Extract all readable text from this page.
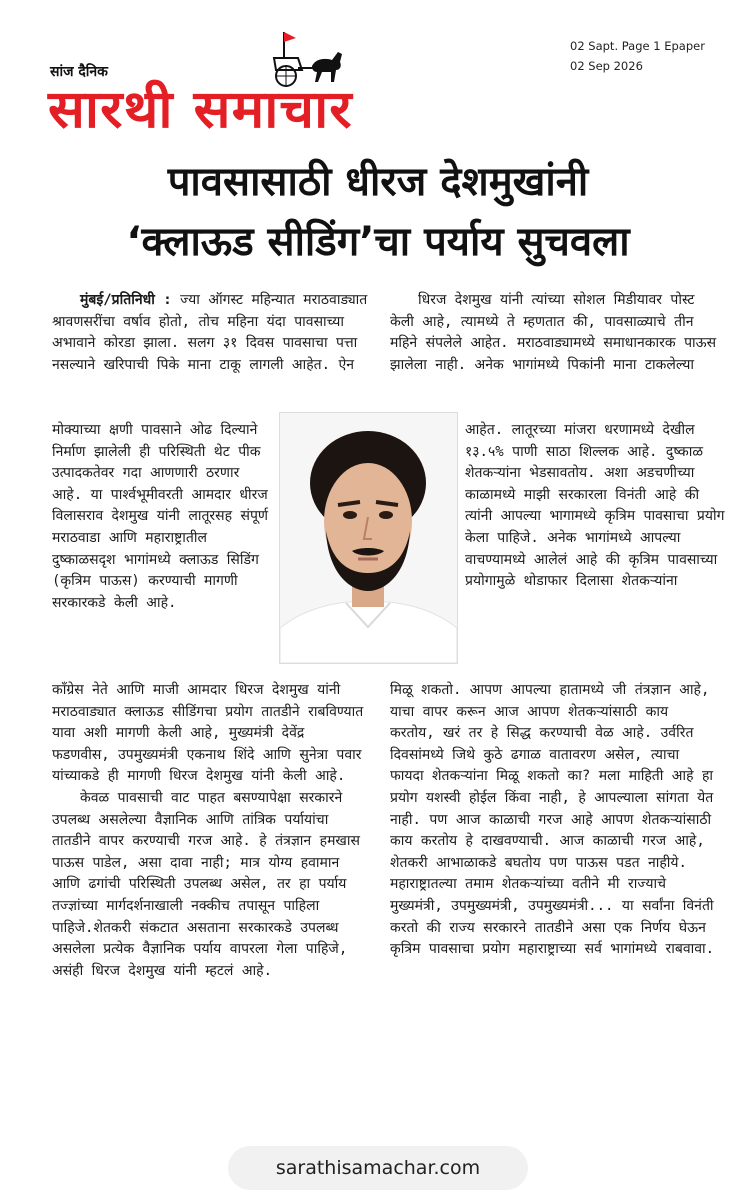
सांज दैनिक
सारथी समाचार
02 Sapt. Page 1 Epaper
02 Sep 2026
पावसासाठी धीरज देशमुखांनी
‘क्लाऊड सीडिंग’चा पर्याय सुचवला

मुंबई/प्रतिनिधी : ज्या ऑगस्ट महिन्यात मराठवाड्यात श्रावणसरींचा वर्षाव होतो, तोच महिना यंदा पावसाच्या अभावाने कोरडा झाला. सलग ३१ दिवस पावसाचा पत्ता नसल्याने खरिपाची पिके माना टाकू लागली आहेत. ऐन

मोक्याच्या क्षणी पावसाने ओढ दिल्याने निर्माण झालेली ही परिस्थिती थेट पीक उत्पादकतेवर गदा आणणारी ठरणार आहे. या पार्श्वभूमीवरती आमदार धीरज विलासराव देशमुख यांनी लातूरसह संपूर्ण मराठवाडा आणि महाराष्ट्रातील दुष्काळसदृश भागांमध्ये क्लाऊड सिडिंग (कृत्रिम पाऊस) करण्याची मागणी सरकारकडे केली आहे.

काँग्रेस नेते आणि माजी आमदार धिरज देशमुख यांनी मराठवाड्यात क्लाऊड सीडिंगचा प्रयोग तातडीने राबविण्यात यावा अशी मागणी केली आहे, मुख्यमंत्री देवेंद्र फडणवीस, उपमुख्यमंत्री एकनाथ शिंदे आणि सुनेत्रा पवार यांच्याकडे ही मागणी धिरज देशमुख यांनी केली आहे.

केवळ पावसाची वाट पाहत बसण्यापेक्षा सरकारने उपलब्ध असलेल्या वैज्ञानिक आणि तांत्रिक पर्यायांचा तातडीने वापर करण्याची गरज आहे. हे तंत्रज्ञान हमखास पाऊस पाडेल, असा दावा नाही; मात्र योग्य हवामान आणि ढगांची परिस्थिती उपलब्ध असेल, तर हा पर्याय तज्ज्ञांच्या मार्गदर्शनाखाली नक्कीच तपासून पाहिला पाहिजे.शेतकरी संकटात असताना सरकारकडे उपलब्ध असलेला प्रत्येक वैज्ञानिक पर्याय वापरला गेला पाहिजे, असंही धिरज देशमुख यांनी म्हटलं आहे.

धिरज देशमुख यांनी त्यांच्या सोशल मिडीयावर पोस्ट केली आहे, त्यामध्ये ते म्हणतात की, पावसाळ्याचे तीन महिने संपलेले आहेत. मराठवाड्यामध्ये समाधानकारक पाऊस झालेला नाही. अनेक भागांमध्ये पिकांनी माना टाकलेल्या

आहेत. लातूरच्या मांजरा धरणामध्ये देखील १३.५% पाणी साठा शिल्लक आहे. दुष्काळ शेतकऱ्यांना भेडसावतोय. अशा अडचणीच्या काळामध्ये माझी सरकारला विनंती आहे की त्यांनी आपल्या भागामध्ये कृत्रिम पावसाचा प्रयोग केला पाहिजे. अनेक भागांमध्ये आपल्या वाचण्यामध्ये आलेलं आहे की कृत्रिम पावसाच्या प्रयोगामुळे थोडाफार दिलासा शेतकऱ्यांना

मिळू शकतो. आपण आपल्या हातामध्ये जी तंत्रज्ञान आहे, याचा वापर करून आज आपण शेतकऱ्यांसाठी काय करतोय, खरं तर हे सिद्ध करण्याची वेळ आहे. उर्वरित दिवसांमध्ये जिथे कुठे ढगाळ वातावरण असेल, त्याचा फायदा शेतकऱ्यांना मिळू शकतो का? मला माहिती आहे हा प्रयोग यशस्वी होईल किंवा नाही, हे आपल्याला सांगता येत नाही. पण आज काळाची गरज आहे आपण शेतकऱ्यांसाठी काय करतोय हे दाखवण्याची. आज काळाची गरज आहे, शेतकरी आभाळाकडे बघतोय पण पाऊस पडत नाहीये. महाराष्ट्रातल्या तमाम शेतकऱ्यांच्या वतीने मी राज्याचे मुख्यमंत्री, उपमुख्यमंत्री, उपमुख्यमंत्री... या सर्वांना विनंती करतो की राज्य सरकारने तातडीने असा एक निर्णय घेऊन कृत्रिम पावसाचा प्रयोग महाराष्ट्राच्या सर्व भागांमध्ये राबवावा.

sarathisamachar.com
